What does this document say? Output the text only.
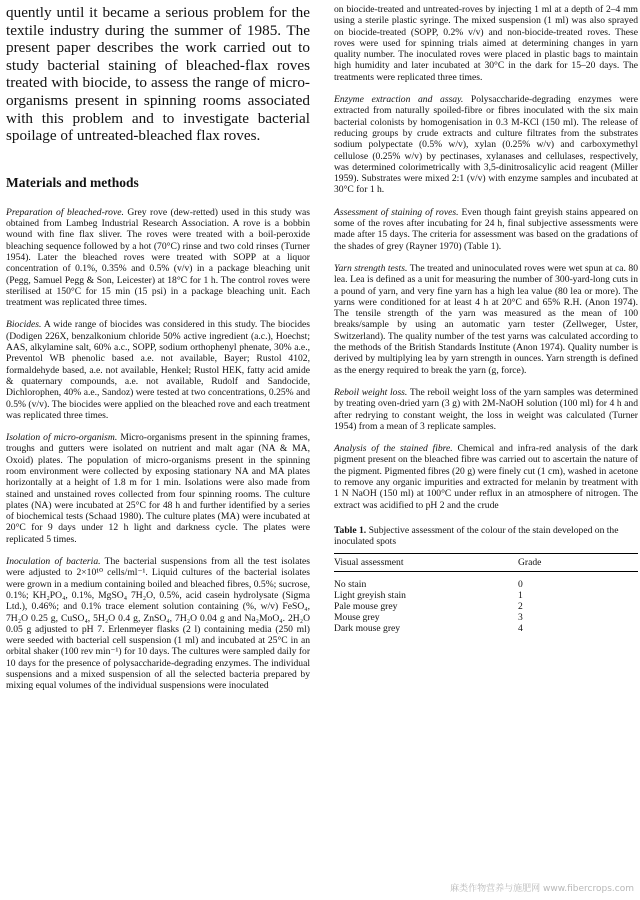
quently until it became a serious problem for the textile industry during the summer of 1985. The present paper describes the work carried out to study bacterial staining of bleached-flax roves treated with biocide, to assess the range of micro-organisms present in spinning rooms associated with this problem and to investigate bacterial spoilage of untreated-bleached flax roves.

Materials and methods

Preparation of bleached-rove. Grey rove (dew-retted) used in this study was obtained from Lambeg Industrial Research Association. A rove is a bobbin wound with fine flax sliver. The roves were treated with a boil-peroxide bleaching sequence followed by a hot (70°C) rinse and two cold rinses (Turner 1954). Later the bleached roves were treated with SOPP at a liquor concentration of 0.1%, 0.35% and 0.5% (v/v) in a package bleaching unit (Pegg, Samuel Pegg & Son, Leicester) at 18°C for 1 h. The control roves were sterilised at 150°C for 15 min (15 psi) in a package bleaching unit. Each treatment was replicated three times.

Biocides. A wide range of biocides was considered in this study. The biocides (Dodigen 226X, benzalkonium chloride 50% active ingredient (a.c.), Hoechst; AAS, alkylamine salt, 60% a.c., SOPP, sodium orthophenyl phenate, 30% a.e., Preventol WB phenolic based a.e. not available, Bayer; Rustol 4102, formaldehyde based, a.e. not available, Henkel; Rustol HEK, fatty acid amide & quaternary compounds, a.e. not available, Rudolf and Sandocide, Dichlorophen, 40% a.e., Sandoz) were tested at two concentrations, 0.25% and 0.5% (v/v). The biocides were applied on the bleached rove and each treatment was replicated three times.

Isolation of micro-organism. Micro-organisms present in the spinning frames, troughs and gutters were isolated on nutrient and malt agar (NA & MA, Oxoid) plates. The population of micro-organisms present in the spinning room environment were collected by exposing stationary NA and MA plates horizontally at a height of 1.8 m for 1 min. Isolations were also made from stained and unstained roves collected from four spinning rooms. The culture plates (NA) were incubated at 25°C for 48 h and further identified by a series of biochemical tests (Schaad 1980). The culture plates (MA) were incubated at 20°C for 9 days under 12 h light and darkness cycle. The plates were replicated 5 times.

Inoculation of bacteria. The bacterial suspensions from all the test isolates were adjusted to 2×10¹⁰ cells/ml⁻¹. Liquid cultures of the bacterial isolates were grown in a medium containing boiled and bleached fibres, 0.5%; sucrose, 0.1%; KH₂PO₄, 0.1%, MgSO₄ 7H₂O, 0.5%, acid casein hydrolysate (Sigma Ltd.), 0.46%; and 0.1% trace element solution containing (%, w/v) FeSO₄, 7H₂O 0.25 g, CuSO₄, 5H₂O 0.4 g, ZnSO₄, 7H₂O 0.04 g and Na₂MoO₄. 2H₂O 0.05 g adjusted to pH 7. Erlenmeyer flasks (2 l) containing media (250 ml) were seeded with bacterial cell suspension (1 ml) and incubated at 25°C in an orbital shaker (100 rev min⁻¹) for 10 days. The cultures were sampled daily for 10 days for the presence of polysaccharide-degrading enzymes. The individual suspensions and a mixed suspension of all the selected bacteria prepared by mixing equal volumes of the individual suspensions were inoculated

on biocide-treated and untreated-roves by injecting 1 ml at a depth of 2–4 mm using a sterile plastic syringe. The mixed suspension (1 ml) was also sprayed on biocide-treated (SOPP, 0.2% v/v) and non-biocide-treated roves. These roves were used for spinning trials aimed at determining changes in yarn quality number. The inoculated roves were placed in plastic bags to maintain high humidity and later incubated at 30°C in the dark for 15–20 days. The treatments were replicated three times.

Enzyme extraction and assay. Polysaccharide-degrading enzymes were extracted from naturally spoiled-fibre or fibres inoculated with the six main bacterial colonists by homogenisation in 0.3 M-KCl (150 ml). The release of reducing groups by crude extracts and culture filtrates from the substrates sodium polypectate (0.5% w/v), xylan (0.25% w/v) and carboxymethyl cellulose (0.25% w/v) by pectinases, xylanases and cellulases, respectively, was determined colorimetrically with 3,5-dinitrosalicylic acid reagent (Miller 1959). Substrates were mixed 2:1 (v/v) with enzyme samples and incubated at 30°C for 1 h.

Assessment of staining of roves. Even though faint greyish stains appeared on some of the roves after incubating for 24 h, final subjective assessments were made after 15 days. The criteria for assessment was based on the gradations of the shades of grey (Rayner 1970) (Table 1).

Yarn strength tests. The treated and uninoculated roves were wet spun at ca. 80 lea. Lea is defined as a unit for measuring the number of 300-yard-long cuts in a pound of yarn, and very fine yarn has a high lea value (80 lea or more). The yarns were conditioned for at least 4 h at 20°C and 65% R.H. (Anon 1974). The tensile strength of the yarn was measured as the mean of 100 breaks/sample by using an automatic yarn tester (Zellweger, Uster, Switzerland). The quality number of the test yarns was calculated according to the methods of the British Standards Institute (Anon 1974). Quality number is derived by multiplying lea by yarn strength in ounces. Yarn strength is defined as the energy required to break the yarn (g, force).

Reboil weight loss. The reboil weight loss of the yarn samples was determined by treating oven-dried yarn (3 g) with 2M-NaOH solution (100 ml) for 4 h and after redrying to constant weight, the loss in weight was calculated (Turner 1954) from a mean of 3 replicate samples.

Analysis of the stained fibre. Chemical and infra-red analysis of the dark pigment present on the bleached fibre was carried out to ascertain the nature of the pigment. Pigmented fibres (20 g) were finely cut (1 cm), washed in acetone to remove any organic impurities and extracted for melanin by treatment with 1 N NaOH (150 ml) at 100°C under reflux in an atmosphere of nitrogen. The extract was acidified to pH 2 and the crude

Table 1. Subjective assessment of the colour of the stain developed on the inoculated spots

Visual assessment	Grade
No stain	0
Light greyish stain	1
Pale mouse grey	2
Mouse grey	3
Dark mouse grey	4
麻类作物营养与施肥网 www.fibercrops.com
